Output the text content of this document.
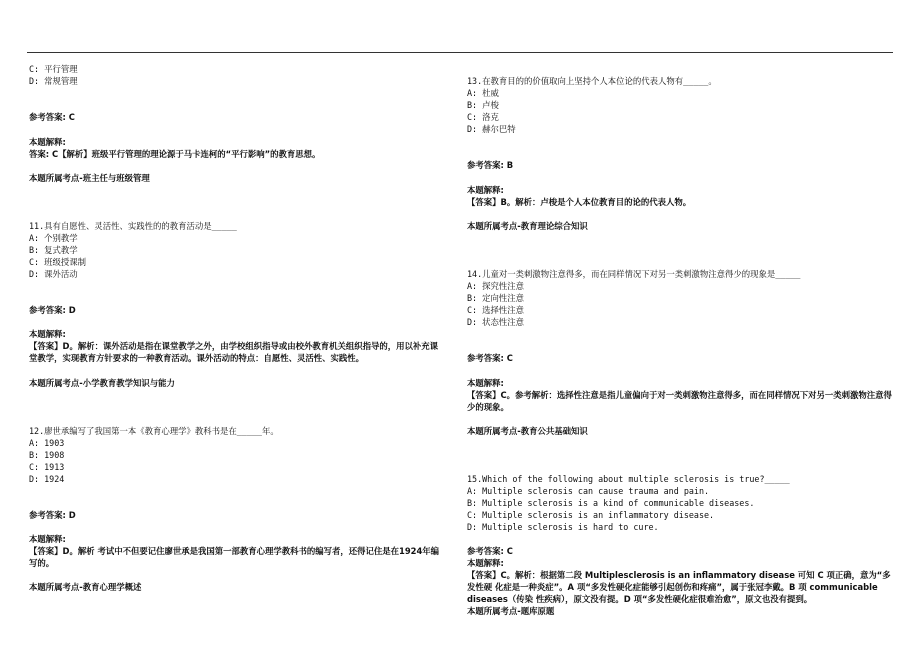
C: 平行管理
D: 常规管理
参考答案: C
本题解释:
答案: C【解析】班级平行管理的理论源于马卡连柯的“平行影响”的教育思想。
本题所属考点-班主任与班级管理
11.具有自愿性、灵活性、实践性的的教育活动是_____
A: 个别教学
B: 复式教学
C: 班级授课制
D: 课外活动
参考答案: D
本题解释:
【答案】D。解析：课外活动是指在课堂教学之外，由学校组织指导或由校外教育机关组织指导的，用以补充课堂教学，实现教育方针要求的一种教育活动。课外活动的特点：自愿性、灵活性、实践性。
本题所属考点-小学教育教学知识与能力
12.廖世承编写了我国第一本《教育心理学》教科书是在_____年。
A: 1903
B: 1908
C: 1913
D: 1924
参考答案: D
本题解释:
【答案】D。解析 考试中不但要记住廖世承是我国第一部教育心理学教科书的编写者，还得记住是在1924年编写的。
本题所属考点-教育心理学概述
13.在教育目的的价值取向上坚持个人本位论的代表人物有_____。
A: 杜威
B: 卢梭
C: 洛克
D: 赫尔巴特
参考答案: B
本题解释:
【答案】B。解析：卢梭是个人本位教育目的论的代表人物。
本题所属考点-教育理论综合知识
14.儿童对一类刺激物注意得多，而在同样情况下对另一类刺激物注意得少的现象是_____
A: 探究性注意
B: 定向性注意
C: 选择性注意
D: 状态性注意
参考答案: C
本题解释:
【答案】C。参考解析：选择性注意是指儿童偏向于对一类刺激物注意得多，而在同样情况下对另一类刺激物注意得少的现象。
本题所属考点-教育公共基础知识
15.Which of the following about multiple sclerosis is true?_____
A: Multiple sclerosis can cause trauma and pain.
B: Multiple sclerosis is a kind of communicable diseases.
C: Multiple sclerosis is an inflammatory disease.
D: Multiple sclerosis is hard to cure.
参考答案: C
本题解释:
【答案】C。解析：根据第二段 Multiplesclerosis is an inflammatory disease 可知 C 项正确，意为“多发性硬 化症是一种炎症”。A 项“多发性硬化症能够引起创伤和疼痛”，属于张冠李戴。B 项 communicable diseases（传染 性疾病），原文没有提。D 项“多发性硬化症很难治愈”，原文也没有提到。
本题所属考点-题库原题
